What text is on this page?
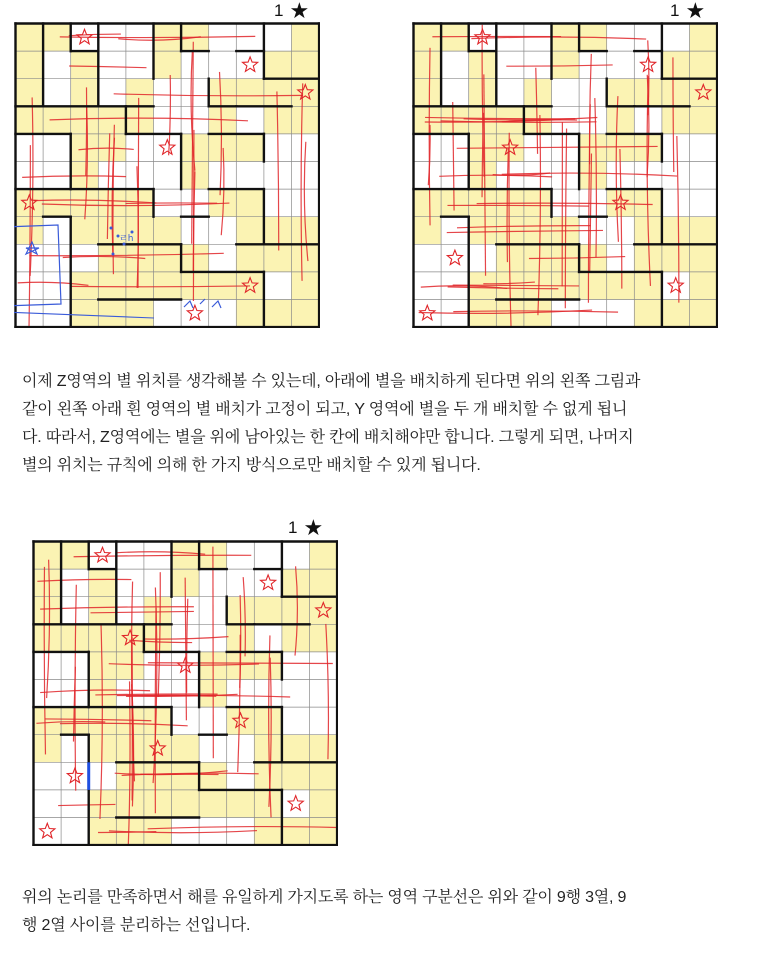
ㄹh
1 ★	1 ★
이제 Z영역의 별 위치를 생각해볼 수 있는데, 아래에 별을 배치하게 된다면 위의 왼쪽 그림과
같이 왼쪽 아래 흰 영역의 별 배치가 고정이 되고, Y 영역에 별을 두 개 배치할 수 없게 됩니
다. 따라서, Z영역에는 별을 위에 남아있는 한 칸에 배치해야만 합니다. 그렇게 되면, 나머지
별의 위치는 규칙에 의해 한 가지 방식으로만 배치할 수 있게 됩니다.
1 ★
위의 논리를 만족하면서 해를 유일하게 가지도록 하는 영역 구분선은 위와 같이 9행 3열, 9
행 2열 사이를 분리하는 선입니다.
